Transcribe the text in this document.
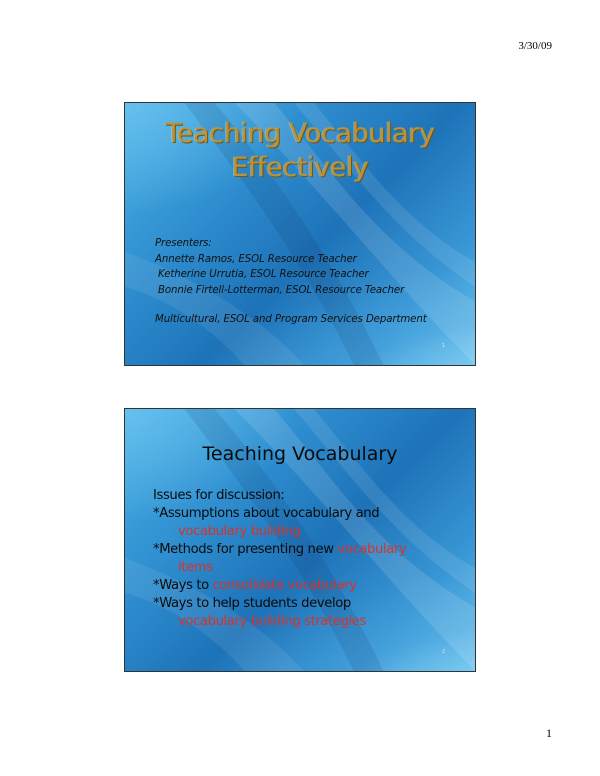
3/30/09
Teaching Vocabulary
Effectively
Presenters:
Annette Ramos, ESOL Resource Teacher
Ketherine Urrutia, ESOL Resource Teacher
Bonnie Firtell-Lotterman, ESOL Resource Teacher
Multicultural, ESOL and Program Services Department
1
Teaching Vocabulary
Issues for discussion:
*Assumptions about vocabulary and
vocabulary building
*Methods for presenting new vocabulary
items
*Ways to consolidate vocabulary
*Ways to help students develop
vocabulary building strategies
2
1
